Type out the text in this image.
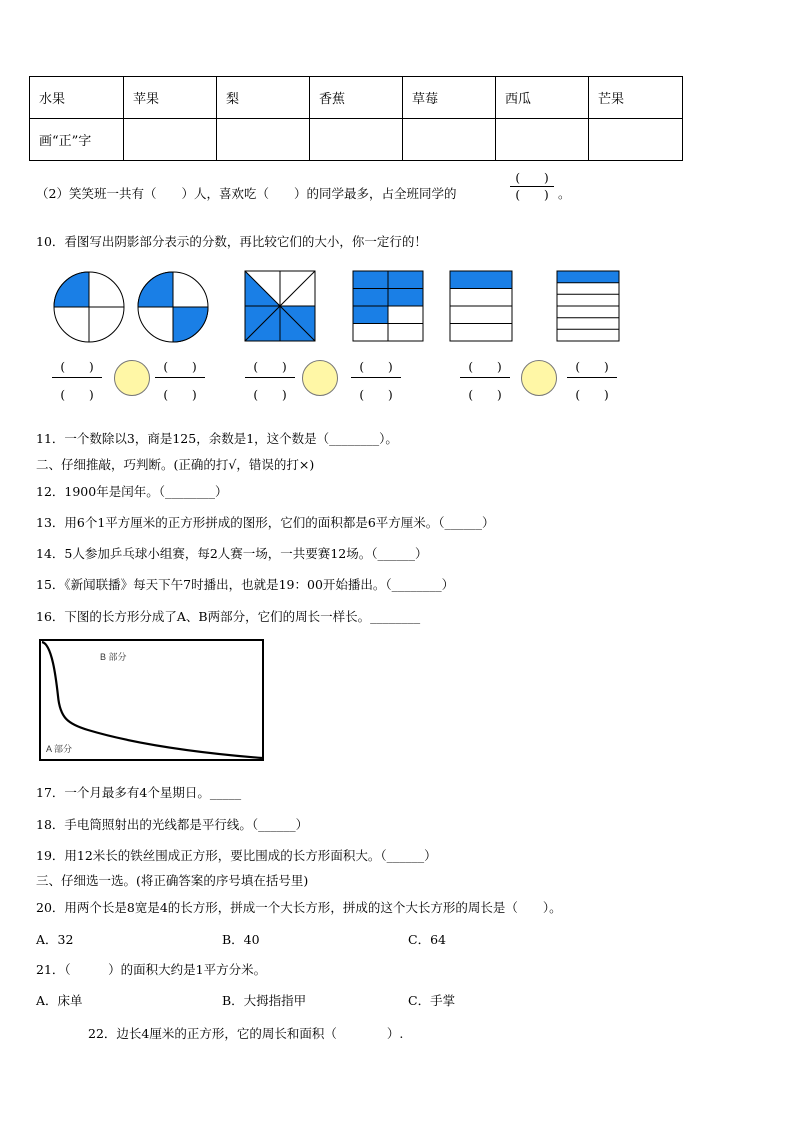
水果	苹果	梨	香蕉	草莓	西瓜	芒果
画“正”字						
（2）笑笑班一共有（　　）人，喜欢吃（　　）的同学最多，占全班同学的
(　　)
(　　) 。
10．看图写出阴影部分表示的分数，再比较它们的大小，你一定行的！
(　　)
(　　)
(　　)
(　　)
(　　)
(　　)
(　　)
(　　)
(　　)
(　　)
(　　)
(　　)
11．一个数除以3，商是125，余数是1，这个数是（________）。
二、仔细推敲，巧判断。(正确的打√，错误的打×)
12．1900年是闰年。（________）
13．用6个1平方厘米的正方形拼成的图形，它们的面积都是6平方厘米。（______）
14．5人参加乒乓球小组赛，每2人赛一场，一共要赛12场。（______）
15．《新闻联播》每天下午7时播出，也就是19：00开始播出。（________）
16．下图的长方形分成了A、B两部分，它们的周长一样长。________
B 部分
A 部分
17．一个月最多有4个星期日。_____
18．手电筒照射出的光线都是平行线。（______）
19．用12米长的铁丝围成正方形，要比围成的长方形面积大。（______）
三、仔细选一选。(将正确答案的序号填在括号里)
20．用两个长是8宽是4的长方形，拼成一个大长方形，拼成的这个大长方形的周长是（　　）。
A．32	B．40	C．64
21．（　　　）的面积大约是1平方分米。
A．床单	B．大拇指指甲	C．手掌
22．边长4厘米的正方形，它的周长和面积（　　　　）.
